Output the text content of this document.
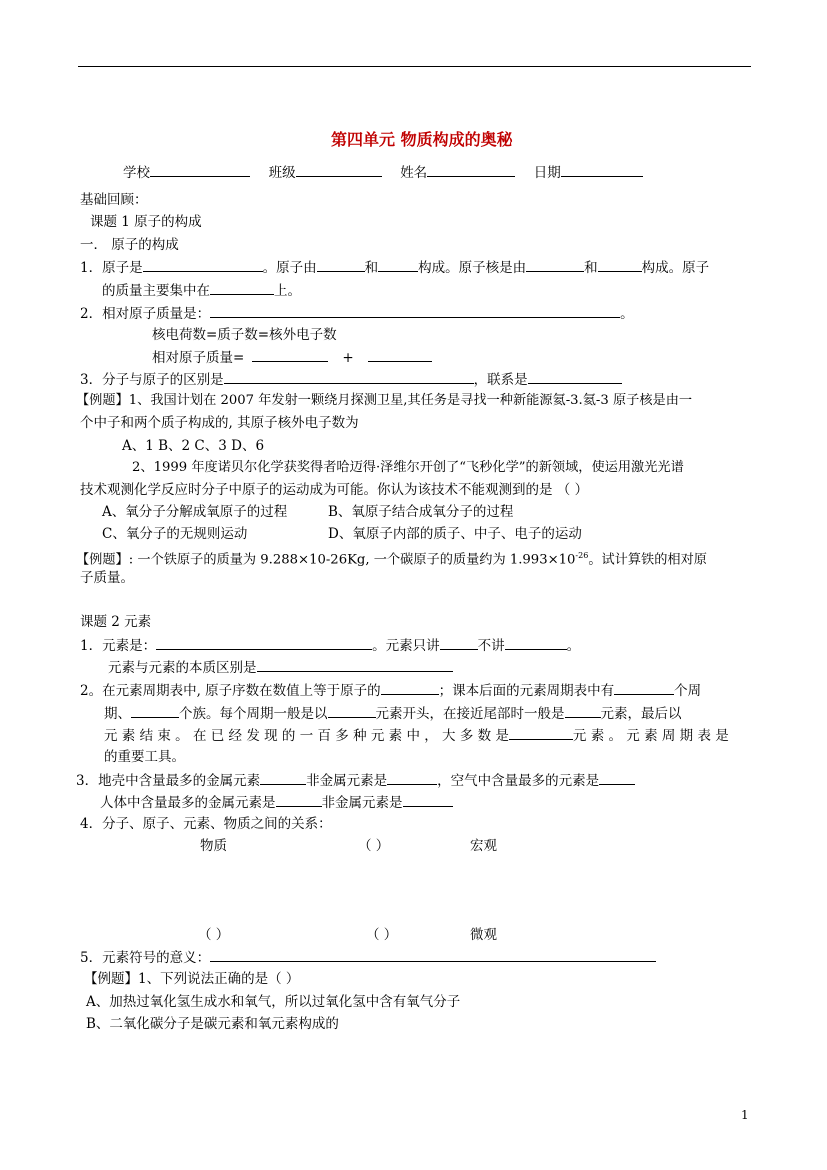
第四单元 物质构成的奥秘
学校	班级	姓名	日期
基础回顾：
课题 1 原子的构成
一． 原子的构成
1．原子是	。原子由	和	构成。原子核是由	和	构成。原子
的质量主要集中在	上。
2．相对原子质量是：	。
核电荷数=质子数=核外电子数
相对原子质量=	+
3．分子与原子的区别是	，联系是
【例题】1、我国计划在 2007 年发射一颗绕月探测卫星,其任务是寻找一种新能源氦-3.氦-3 原子核是由一
个中子和两个质子构成的, 其原子核外电子数为
A、1 B、2 C、3 D、6
2、1999 年度诺贝尔化学获奖得者哈迈得·泽维尔开创了“飞秒化学”的新领域，使运用激光光谱
技术观测化学反应时分子中原子的运动成为可能。你认为该技术不能观测到的是 （ ）
A、氧分子分解成氧原子的过程	B、氧原子结合成氧分子的过程
C、氧分子的无规则运动	D、氧原子内部的质子、中子、电子的运动
【例题】: 一个铁原子的质量为 9.288×10-26Kg, 一个碳原子的质量约为 $1.993\times 10^{-26}$。试计算铁的相对原
子质量。
课题 2 元素
1．元素是：	。元素只讲	不讲	。
元素与元素的本质区别是
2。在元素周期表中, 原子序数在数值上等于原子的	；课本后面的元素周期表中有	个周
期、	个族。每个周期一般是以	元素开头，在接近尾部时一般是	元素，最后以
元 素 结 束 。 在 已 经 发 现 的 一 百 多 种 元 素 中 ， 大 多 数 是	元 素 。 元 素 周 期 表 是
的重要工具。
3．地壳中含量最多的金属元素	非金属元素是	，空气中含量最多的元素是
人体中含量最多的金属元素是	非金属元素是
4．分子、原子、元素、物质之间的关系：
物质	（ ）	宏观
（ ）	（ ）	微观
5．元素符号的意义：
【例题】1、下列说法正确的是（ ）
A、加热过氧化氢生成水和氧气，所以过氧化氢中含有氧气分子
B、二氧化碳分子是碳元素和氧元素构成的
1
